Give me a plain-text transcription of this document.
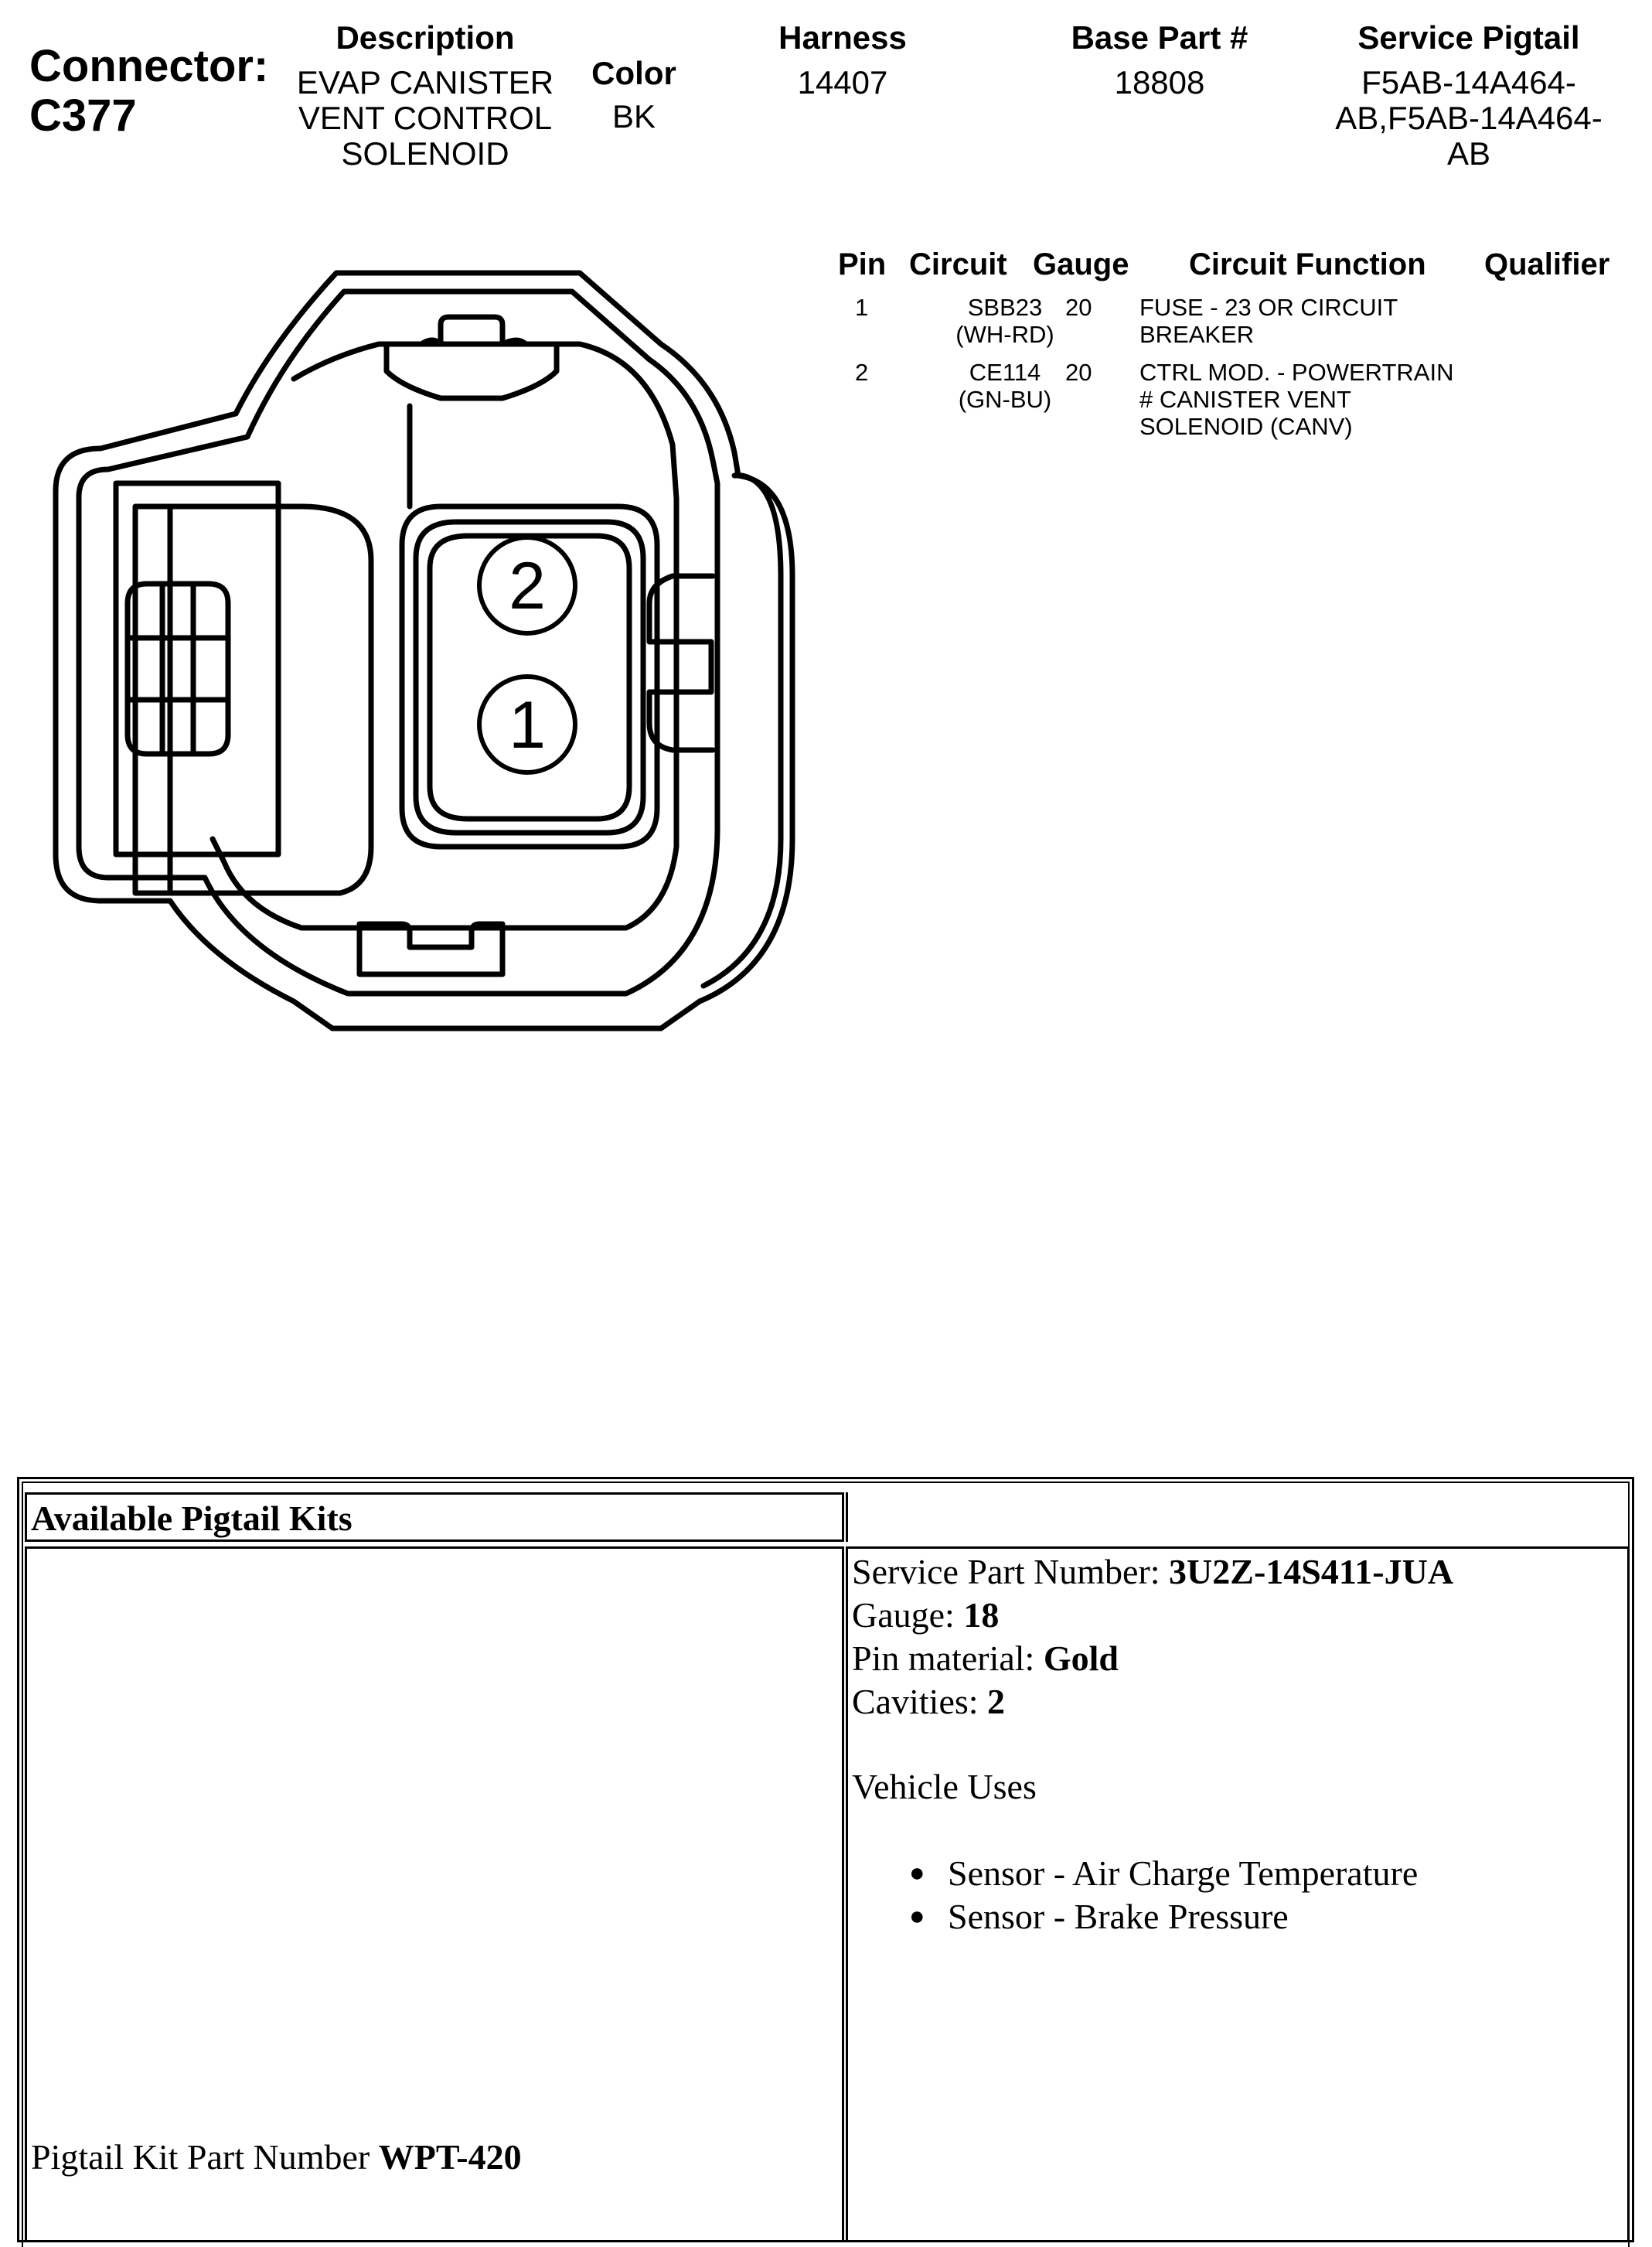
Connector:
C377
Description
EVAP CANISTER
VENT CONTROL
SOLENOID
Color
BK
Harness
14407
Base Part #
18808
Service Pigtail
F5AB-14A464-
AB,F5AB-14A464-
AB
Pin Circuit Gauge Circuit Function Qualifier
1	SBB23
(WH-RD)
20 FUSE - 23 OR CIRCUIT
BREAKER
2	CE114
(GN-BU)
20 CTRL MOD. - POWERTRAIN
# CANISTER VENT
SOLENOID (CANV)
2
1
Available Pigtail Kits
Pigtail Kit Part Number WPT-420
Service Part Number: 3U2Z-14S411-JUA
Gauge: 18
Pin material: Gold
Cavities: 2
Vehicle Uses
● Sensor - Air Charge Temperature
● Sensor - Brake Pressure
